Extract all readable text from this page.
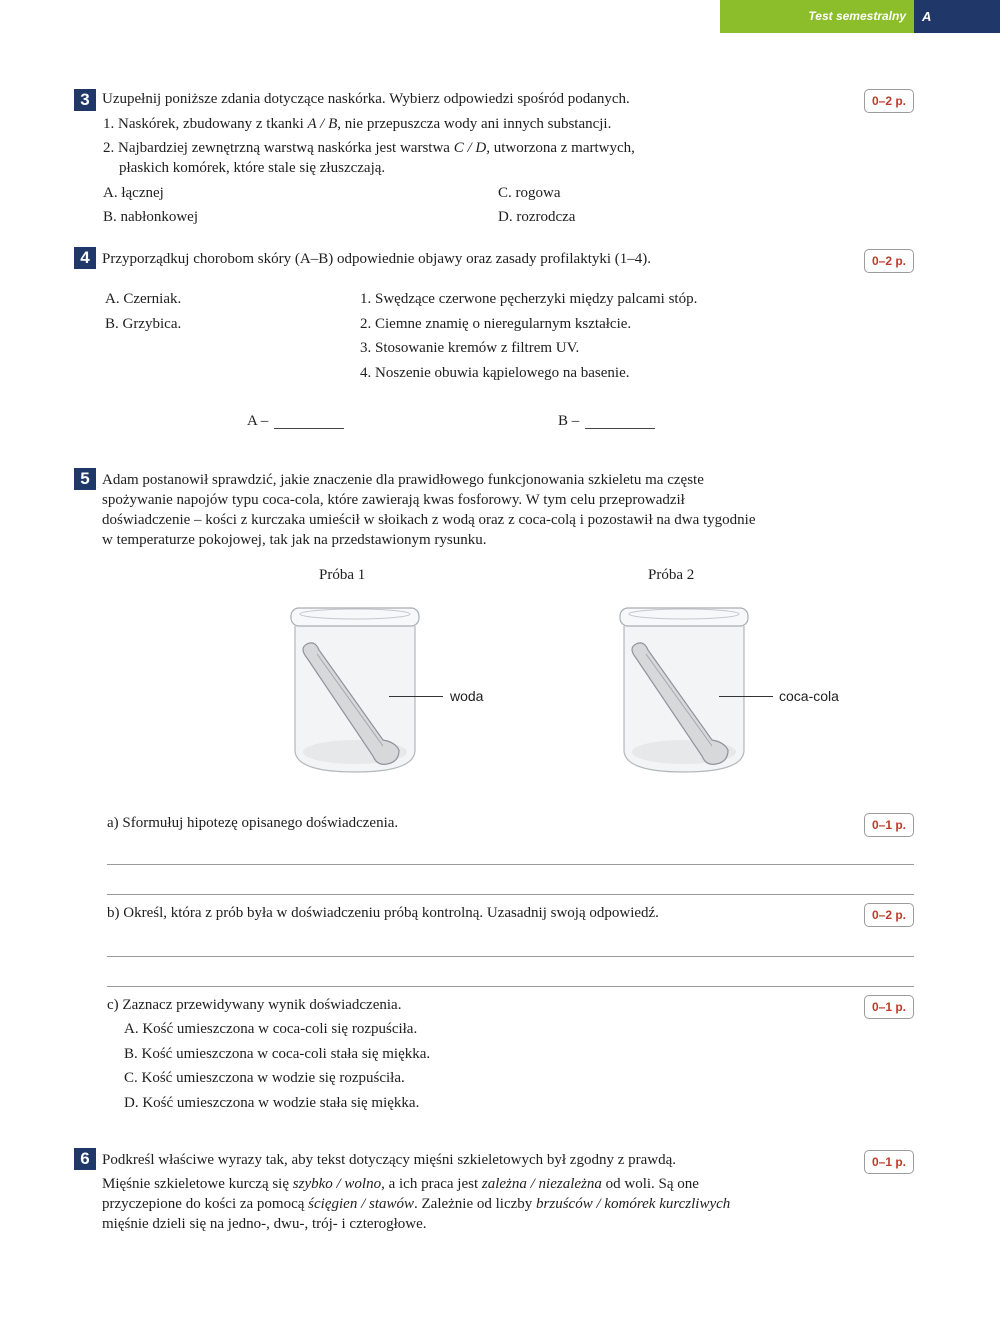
Test semestralny A
3 Uzupełnij poniższe zdania dotyczące naskórka. Wybierz odpowiedzi spośród podanych.	0–2 p.
1. Naskórek, zbudowany z tkanki A / B, nie przepuszcza wody ani innych substancji.
2. Najbardziej zewnętrzną warstwą naskórka jest warstwa C / D, utworzona z martwych,
płaskich komórek, które stale się złuszczają.
A. łącznej
B. nabłonkowej
C. rogowa
D. rozrodcza
4 Przyporządkuj chorobom skóry (A–B) odpowiednie objawy oraz zasady profilaktyki (1–4).	0–2 p.
A. Czerniak.
B. Grzybica.
1. Swędzące czerwone pęcherzyki między palcami stóp.
2. Ciemne znamię o nieregularnym kształcie.
3. Stosowanie kremów z filtrem UV.
4. Noszenie obuwia kąpielowego na basenie.
A –	B –
5 Adam postanowił sprawdzić, jakie znaczenie dla prawidłowego funkcjonowania szkieletu ma częste
spożywanie napojów typu coca-cola, które zawierają kwas fosforowy. W tym celu przeprowadził
doświadczenie – kości z kurczaka umieścił w słoikach z wodą oraz z coca-colą i pozostawił na dwa tygodnie
w temperaturze pokojowej, tak jak na przedstawionym rysunku.
Próba 1	Próba 2
woda	coca-cola
a) Sformułuj hipotezę opisanego doświadczenia.	0–1 p.
b) Określ, która z prób była w doświadczeniu próbą kontrolną. Uzasadnij swoją odpowiedź.	0–2 p.
c) Zaznacz przewidywany wynik doświadczenia.	0–1 p.
A. Kość umieszczona w coca-coli się rozpuściła.
B. Kość umieszczona w coca-coli stała się miękka.
C. Kość umieszczona w wodzie się rozpuściła.
D. Kość umieszczona w wodzie stała się miękka.
6 Podkreśl właściwe wyrazy tak, aby tekst dotyczący mięśni szkieletowych był zgodny z prawdą.	0–1 p.
Mięśnie szkieletowe kurczą się szybko / wolno, a ich praca jest zależna / niezależna od woli. Są one
przyczepione do kości za pomocą ścięgien / stawów. Zależnie od liczby brzuśców / komórek kurczliwych
mięśnie dzieli się na jedno-, dwu-, trój- i czterogłowe.
